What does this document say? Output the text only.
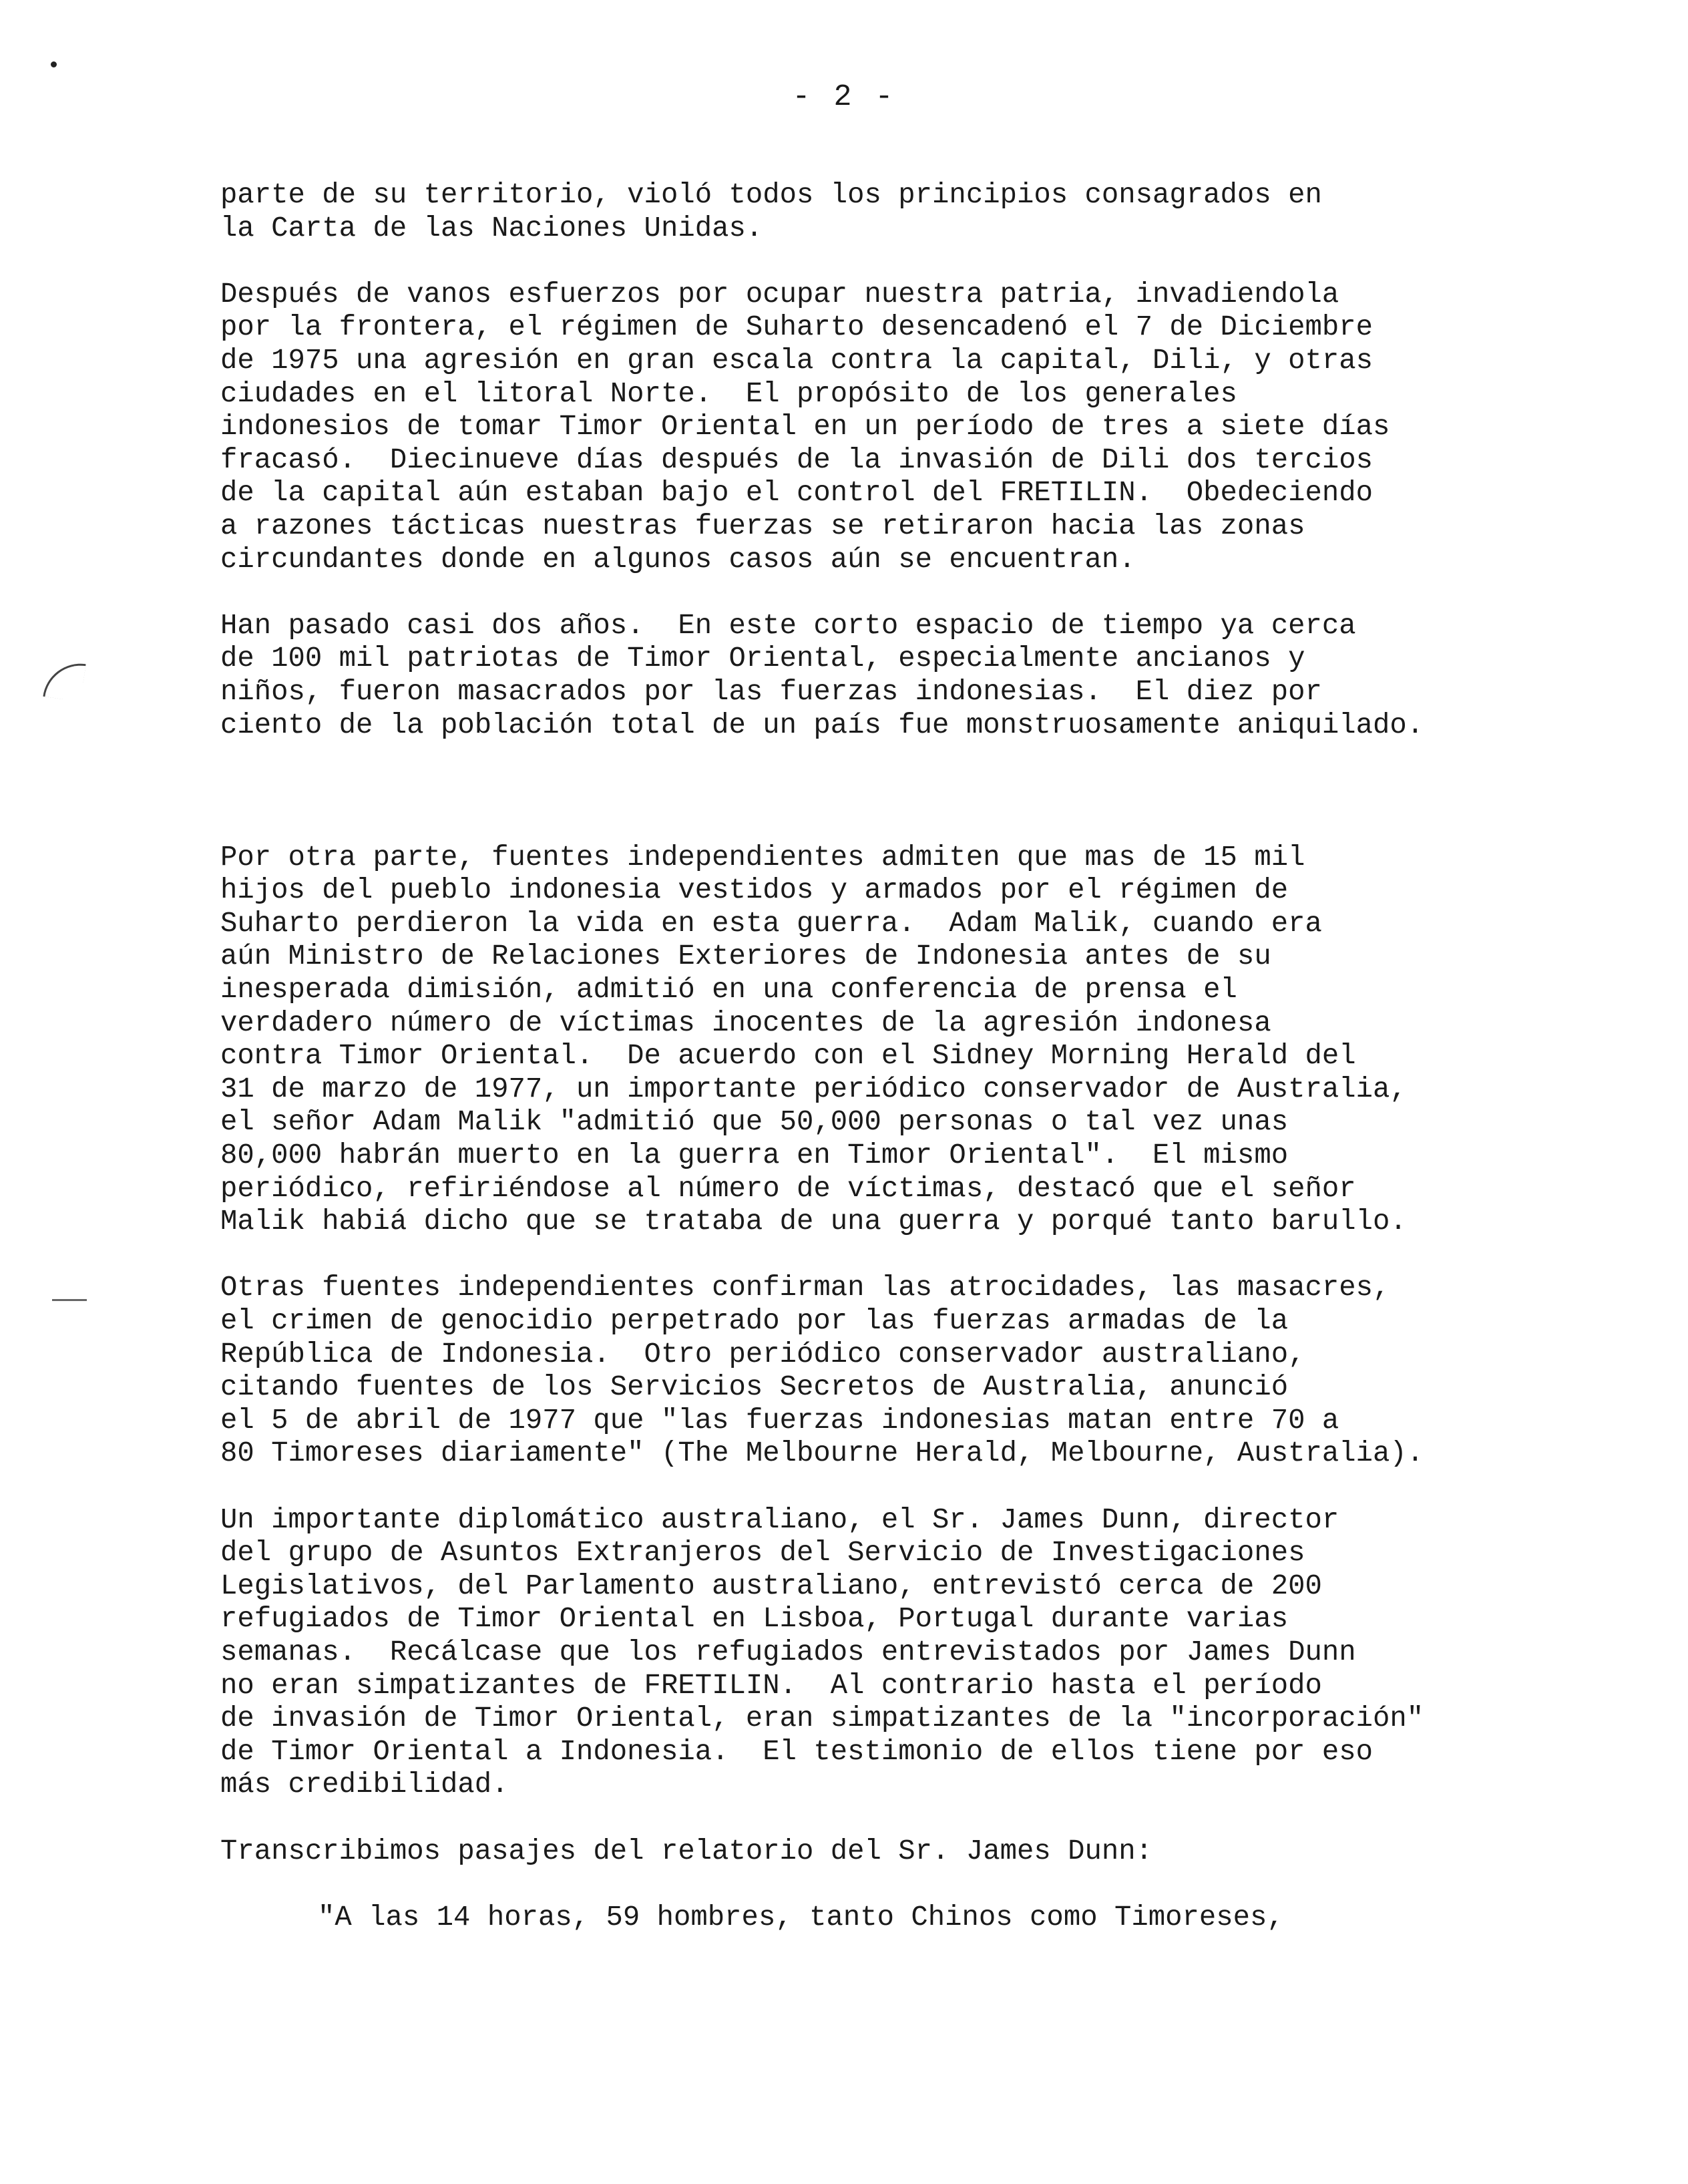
- 2 -

parte de su territorio, violó todos los principios consagrados en
la Carta de las Naciones Unidas.

Después de vanos esfuerzos por ocupar nuestra patria, invadiendola
por la frontera, el régimen de Suharto desencadenó el 7 de Diciembre
de 1975 una agresión en gran escala contra la capital, Dili, y otras
ciudades en el litoral Norte.  El propósito de los generales
indonesios de tomar Timor Oriental en un período de tres a siete días
fracasó.  Diecinueve días después de la invasión de Dili dos tercios
de la capital aún estaban bajo el control del FRETILIN.  Obedeciendo
a razones tácticas nuestras fuerzas se retiraron hacia las zonas
circundantes donde en algunos casos aún se encuentran.

Han pasado casi dos años.  En este corto espacio de tiempo ya cerca
de 100 mil patriotas de Timor Oriental, especialmente ancianos y
niños, fueron masacrados por las fuerzas indonesias.  El diez por
ciento de la población total de un país fue monstruosamente aniquilado.

Por otra parte, fuentes independientes admiten que mas de 15 mil
hijos del pueblo indonesia vestidos y armados por el régimen de
Suharto perdieron la vida en esta guerra.  Adam Malik, cuando era
aún Ministro de Relaciones Exteriores de Indonesia antes de su
inesperada dimisión, admitió en una conferencia de prensa el
verdadero número de víctimas inocentes de la agresión indonesa
contra Timor Oriental.  De acuerdo con el Sidney Morning Herald del
31 de marzo de 1977, un importante periódico conservador de Australia,
el señor Adam Malik "admitió que 50,000 personas o tal vez unas
80,000 habrán muerto en la guerra en Timor Oriental".  El mismo
periódico, refiriéndose al número de víctimas, destacó que el señor
Malik habiá dicho que se trataba de una guerra y porqué tanto barullo.

Otras fuentes independientes confirman las atrocidades, las masacres,
el crimen de genocidio perpetrado por las fuerzas armadas de la
República de Indonesia.  Otro periódico conservador australiano,
citando fuentes de los Servicios Secretos de Australia, anunció
el 5 de abril de 1977 que "las fuerzas indonesias matan entre 70 a
80 Timoreses diariamente" (The Melbourne Herald, Melbourne, Australia).

Un importante diplomático australiano, el Sr. James Dunn, director
del grupo de Asuntos Extranjeros del Servicio de Investigaciones
Legislativos, del Parlamento australiano, entrevistó cerca de 200
refugiados de Timor Oriental en Lisboa, Portugal durante varias
semanas.  Recálcase que los refugiados entrevistados por James Dunn
no eran simpatizantes de FRETILIN.  Al contrario hasta el período
de invasión de Timor Oriental, eran simpatizantes de la "incorporación"
de Timor Oriental a Indonesia.  El testimonio de ellos tiene por eso
más credibilidad.

Transcribimos pasajes del relatorio del Sr. James Dunn:

"A las 14 horas, 59 hombres, tanto Chinos como Timoreses,
